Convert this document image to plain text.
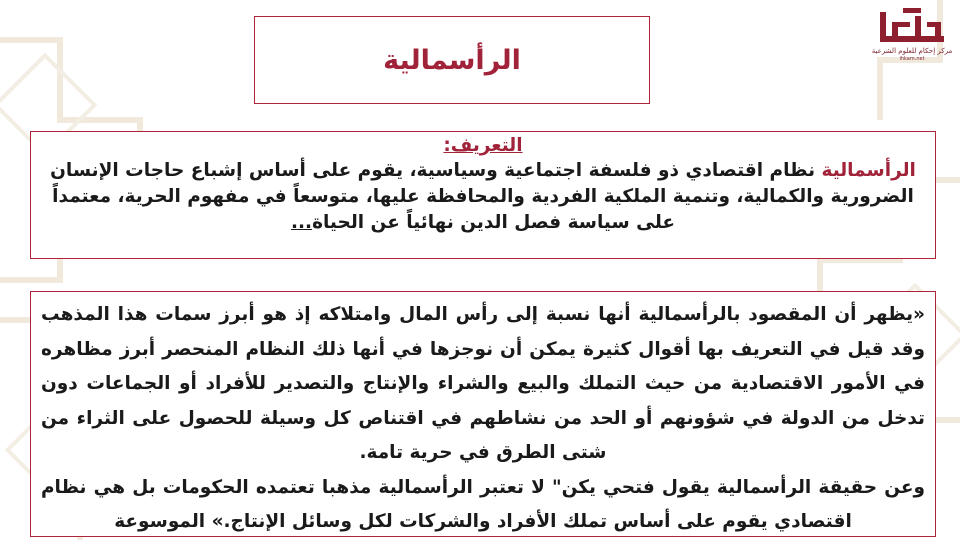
إحكام
مركز إحكام للعلوم الشرعية
ihkam.net
الرأسمالية
التعريف:
الرأسمالية نظام اقتصادي ذو فلسفة اجتماعية وسياسية، يقوم على أساس إشباع حاجات الإنسان الضرورية والكمالية، وتنمية الملكية الفردية والمحافظة عليها، متوسعاً في مفهوم الحرية، معتمداً على سياسة فصل الدين نهائياً عن الحياة...

«يظهر أن المقصود بالرأسمالية أنها نسبة إلى رأس المال وامتلاكه إذ هو أبرز سمات هذا المذهب وقد قيل في التعريف بها أقوال كثيرة يمكن أن نوجزها في أنها ذلك النظام المنحصر أبرز مظاهره في الأمور الاقتصادية من حيث التملك والبيع والشراء والإنتاج والتصدير للأفراد أو الجماعات دون تدخل من الدولة في شؤونهم أو الحد من نشاطهم في اقتناص كل وسيلة للحصول على الثراء من شتى الطرق في حرية تامة.

وعن حقيقة الرأسمالية يقول فتحي يكن" لا تعتبر الرأسمالية مذهبا تعتمده الحكومات بل هي نظام اقتصادي يقوم على أساس تملك الأفراد والشركات لكل وسائل الإنتاج.» الموسوعة
